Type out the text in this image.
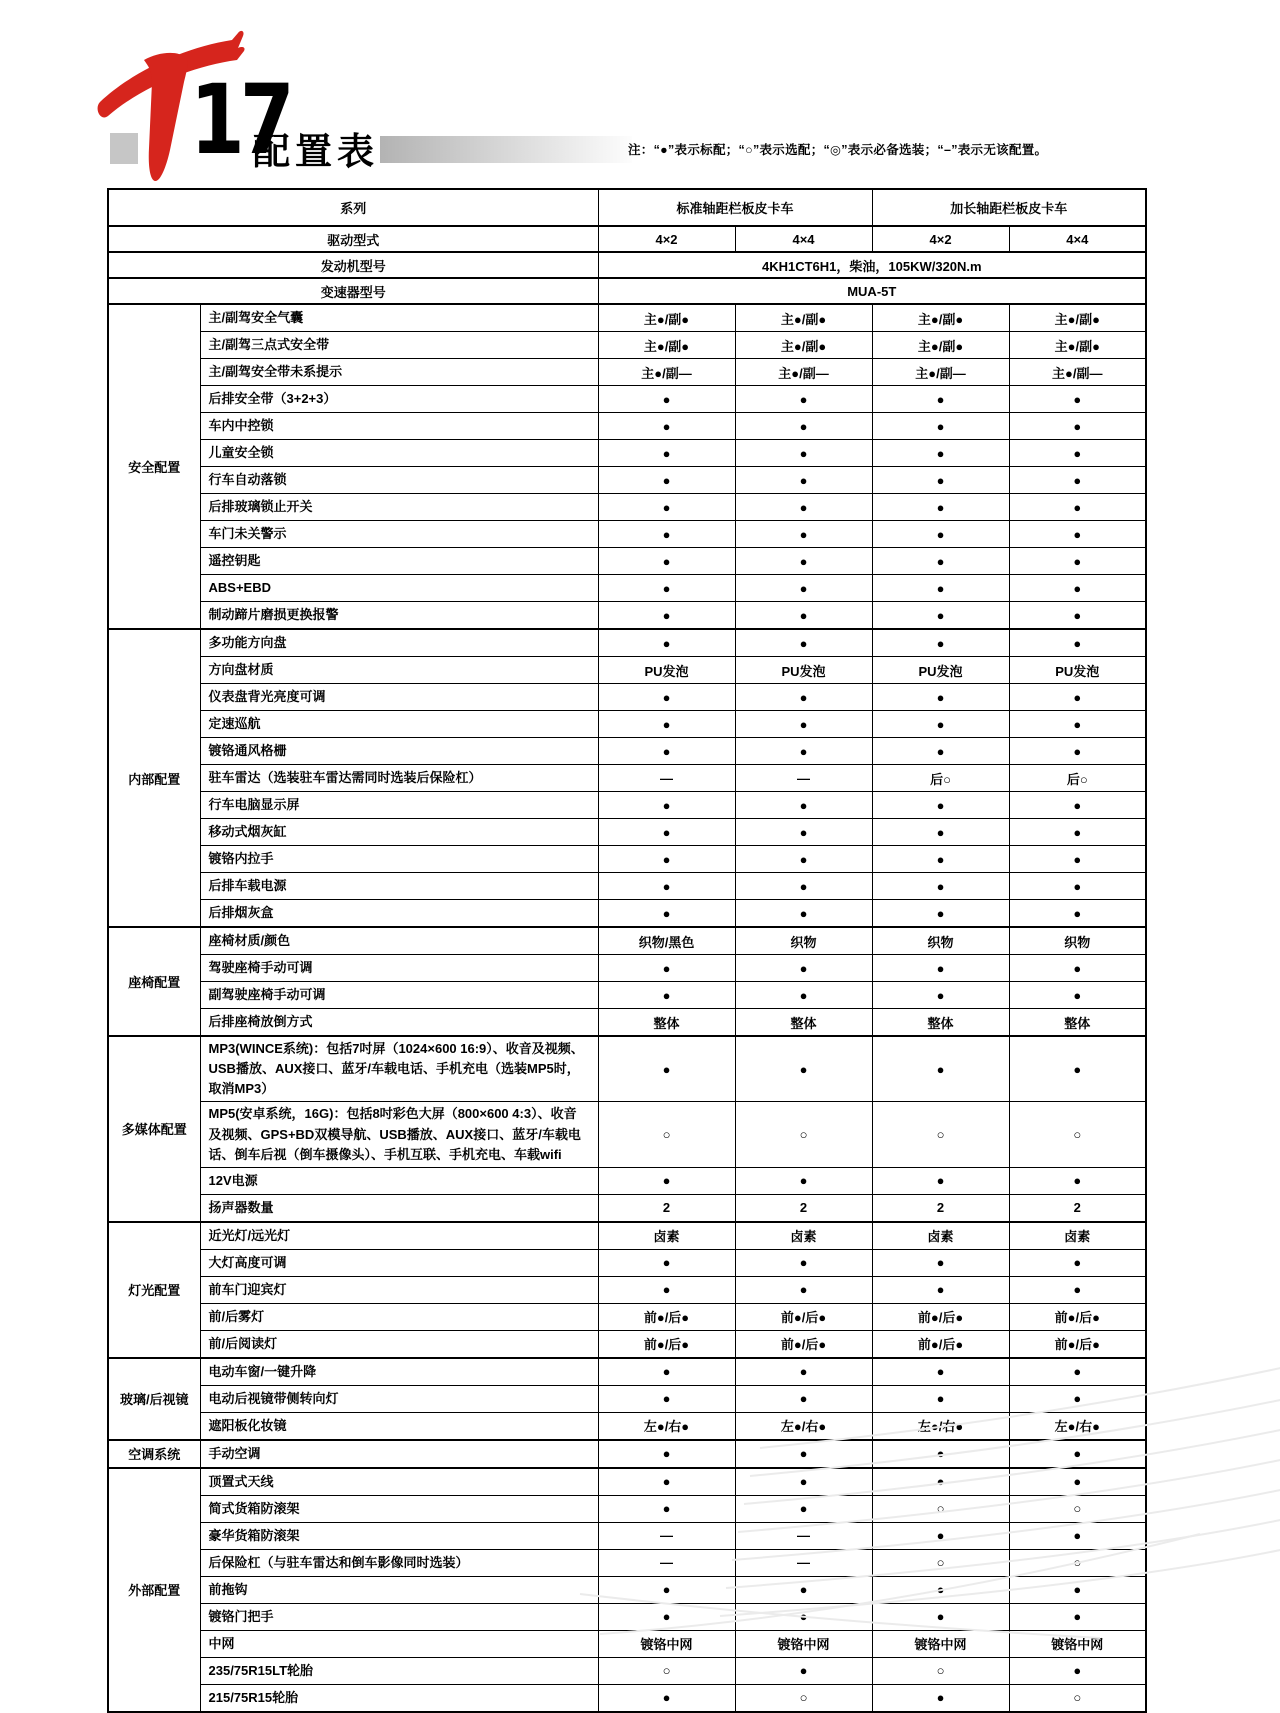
17
配置表	注：“●”表示标配；“○”表示选配；“◎”表示必备选装；“–”表示无该配置。
系列		标准轴距栏板皮卡车		加长轴距栏板皮卡车	
驱动型式		4×2	4×4	4×2	4×4
发动机型号		4KH1CT6H1，柴油，105KW/320N.m			
变速器型号		MUA-5T			
安全配置	主/副驾安全气囊	主●/副●	主●/副●	主●/副●	主●/副●
	主/副驾三点式安全带	主●/副●	主●/副●	主●/副●	主●/副●
	主/副驾安全带未系提示	主●/副—	主●/副—	主●/副—	主●/副—
	后排安全带（3+2+3）	●	●	●	●
	车内中控锁	●	●	●	●
	儿童安全锁	●	●	●	●
	行车自动落锁	●	●	●	●
	后排玻璃锁止开关	●	●	●	●
	车门未关警示	●	●	●	●
	遥控钥匙	●	●	●	●
	ABS+EBD	●	●	●	●
	制动蹄片磨损更换报警	●	●	●	●
内部配置	多功能方向盘	●	●	●	●
	方向盘材质	PU发泡	PU发泡	PU发泡	PU发泡
	仪表盘背光亮度可调	●	●	●	●
	定速巡航	●	●	●	●
	镀铬通风格栅	●	●	●	●
	驻车雷达（选装驻车雷达需同时选装后保险杠）	—	—	后○	后○
	行车电脑显示屏	●	●	●	●
	移动式烟灰缸	●	●	●	●
	镀铬内拉手	●	●	●	●
	后排车载电源	●	●	●	●
	后排烟灰盒	●	●	●	●
座椅配置	座椅材质/颜色	织物/黑色	织物	织物	织物
	驾驶座椅手动可调	●	●	●	●
	副驾驶座椅手动可调	●	●	●	●
	后排座椅放倒方式	整体	整体	整体	整体
多媒体配置	MP3(WINCE系统)：包括7吋屏（1024×600 16:9）、收音及视频、USB播放、AUX接口、蓝牙/车载电话、手机充电（选装MP5时，取消MP3）	●	●	●	●
	MP5(安卓系统，16G)：包括8吋彩色大屏（800×600 4:3）、收音及视频、GPS+BD双模导航、USB播放、AUX接口、蓝牙/车载电话、倒车后视（倒车摄像头）、手机互联、手机充电、车载wifi	○	○	○	○
	12V电源	●	●	●	●
	扬声器数量	2	2	2	2
灯光配置	近光灯/远光灯	卤素	卤素	卤素	卤素
	大灯高度可调	●	●	●	●
	前车门迎宾灯	●	●	●	●
	前/后雾灯	前●/后●	前●/后●	前●/后●	前●/后●
	前/后阅读灯	前●/后●	前●/后●	前●/后●	前●/后●
玻璃/后视镜	电动车窗/一键升降	●	●	●	●
	电动后视镜带侧转向灯	●	●	●	●
	遮阳板化妆镜	左●/右●	左●/右●	左●/右●	左●/右●
空调系统	手动空调	●	●	●	●
外部配置	顶置式天线	●	●	●	●
	简式货箱防滚架	●	●	○	○
	豪华货箱防滚架	—	—	●	●
	后保险杠（与驻车雷达和倒车影像同时选装）	—	—	○	○
	前拖钩	●	●	●	●
	镀铬门把手	●	●	●	●
	中网	镀铬中网	镀铬中网	镀铬中网	镀铬中网
	235/75R15LT轮胎	○	●	○	●
	215/75R15轮胎	●	○	●	○
